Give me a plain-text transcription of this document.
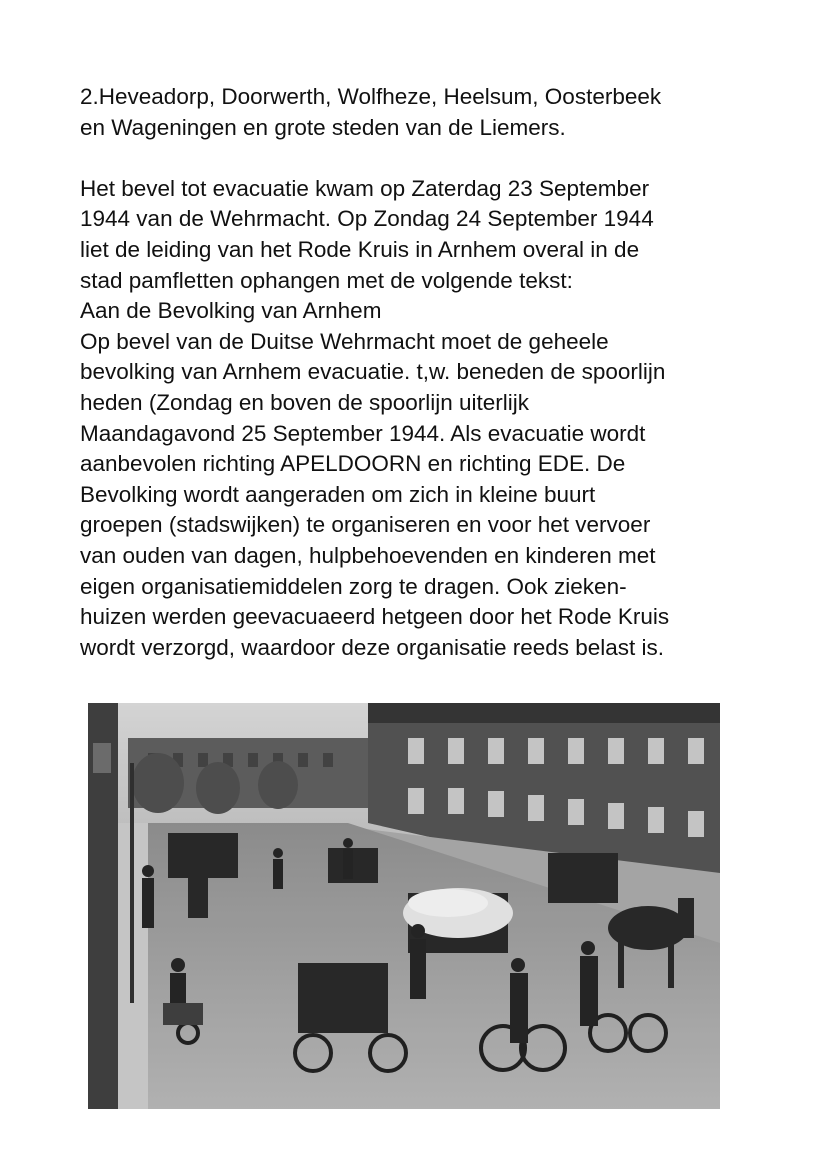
2.Heveadorp, Doorwerth, Wolfheze, Heelsum, Oosterbeek

en Wageningen en grote steden van de Liemers.

Het bevel tot evacuatie kwam op Zaterdag 23 September

1944 van de Wehrmacht. Op Zondag 24 September 1944

liet de leiding van het Rode Kruis in Arnhem overal in de

stad pamfletten ophangen met de volgende tekst:

Aan de Bevolking van Arnhem

Op bevel van de Duitse Wehrmacht moet de geheele

bevolking van Arnhem evacuatie. t,w. beneden de spoorlijn

heden (Zondag en boven de spoorlijn uiterlijk

Maandagavond 25 September 1944. Als evacuatie wordt

aanbevolen richting APELDOORN en richting EDE. De

Bevolking wordt aangeraden om zich in kleine buurt

groepen (stadswijken) te organiseren en voor het vervoer

van ouden van dagen, hulpbehoevenden en kinderen met

eigen organisatiemiddelen zorg te dragen. Ook zieken-

huizen werden geevacuaeerd hetgeen door het Rode Kruis

wordt verzorgd, waardoor deze organisatie reeds belast is.
